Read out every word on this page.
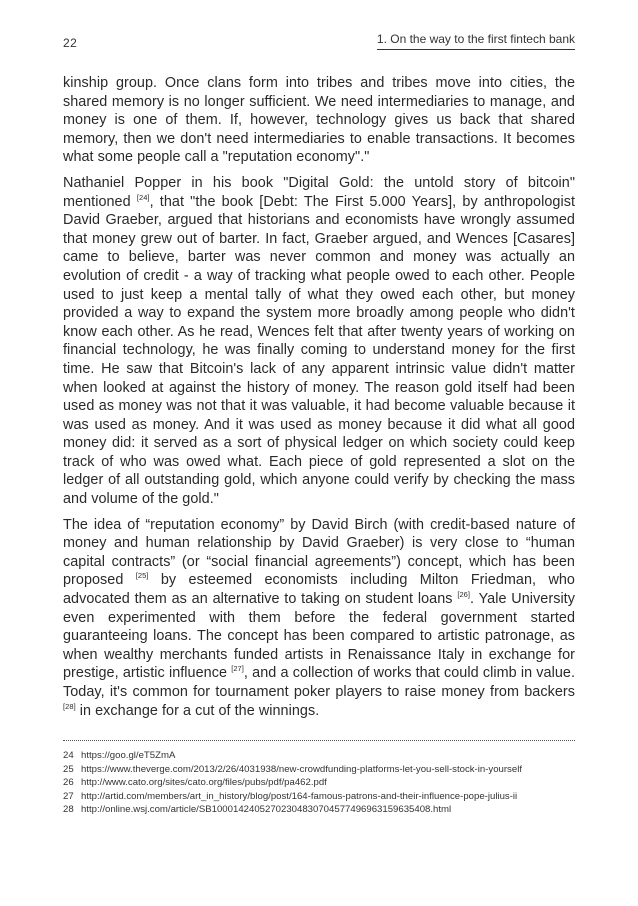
22	1. On the way to the first fintech bank

kinship group. Once clans form into tribes and tribes move into cities, the shared memory is no longer sufficient. We need intermediaries to manage, and money is one of them. If, however, technology gives us back that shared memory, then we don't need intermediaries to enable transactions. It becomes what some people call a "reputation economy"."

Nathaniel Popper in his book "Digital Gold: the untold story of bitcoin" mentioned [24], that "the book [Debt: The First 5.000 Years], by anthropologist David Graeber, argued that historians and economists have wrongly assumed that money grew out of barter. In fact, Graeber argued, and Wences [Casares] came to believe, barter was never common and money was actually an evolution of credit - a way of tracking what people owed to each other. People used to just keep a mental tally of what they owed each other, but money provided a way to expand the system more broadly among people who didn't know each other. As he read, Wences felt that after twenty years of working on financial technology, he was finally coming to understand money for the first time. He saw that Bitcoin's lack of any apparent intrinsic value didn't matter when looked at against the history of money. The reason gold itself had been used as money was not that it was valuable, it had become valuable because it was used as money. And it was used as money because it did what all good money did: it served as a sort of physical ledger on which society could keep track of who was owed what. Each piece of gold represented a slot on the ledger of all outstanding gold, which anyone could verify by checking the mass and volume of the gold."

The idea of “reputation economy” by David Birch (with credit-based nature of money and human relationship by David Graeber) is very close to “human capital contracts” (or “social financial agreements”) concept, which has been proposed [25] by esteemed economists including Milton Friedman, who advocated them as an alternative to taking on student loans [26]. Yale University even experimented with them before the federal government started guaranteeing loans. The concept has been compared to artistic patronage, as when wealthy merchants funded artists in Renaissance Italy in exchange for prestige, artistic influence [27], and a collection of works that could climb in value. Today, it's common for tournament poker players to raise money from backers [28] in exchange for a cut of the winnings.

24 https://goo.gl/eT5ZmA

25 https://www.theverge.com/2013/2/26/4031938/new-crowdfunding-platforms-let-you-sell-stock-in-yourself

26 http://www.cato.org/sites/cato.org/files/pubs/pdf/pa462.pdf

27 http://artid.com/members/art_in_history/blog/post/164-famous-patrons-and-their-influence-pope-julius-ii

28 http://online.wsj.com/article/SB10001424052702304830704577496963159635408.html
